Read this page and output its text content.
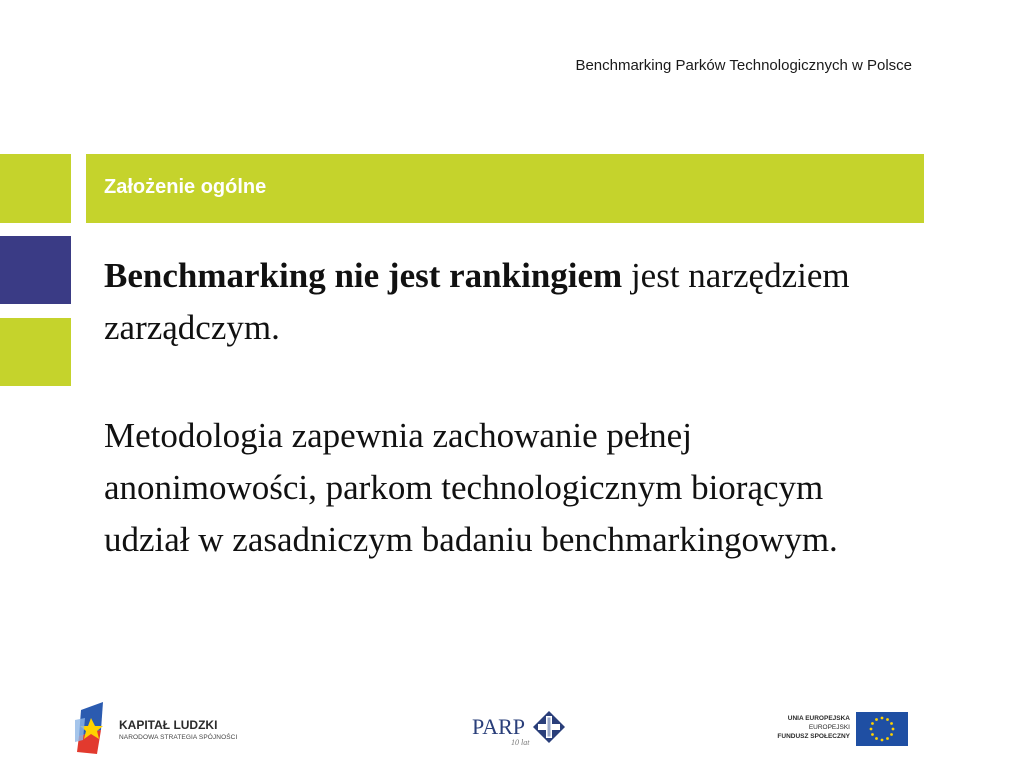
Benchmarking Parków Technologicznych w Polsce
Założenie ogólne

Benchmarking nie jest rankingiem jest narzędziem zarządczym.

Metodologia zapewnia zachowanie pełnej anonimowości, parkom technologicznym biorącym udział w zasadniczym badaniu benchmarkingowym.

KAPITAŁ LUDZKI
NARODOWA STRATEGIA SPÓJNOŚCI	PARP
10 lat
UNIA EUROPEJSKA
EUROPEJSKI
FUNDUSZ SPOŁECZNY
